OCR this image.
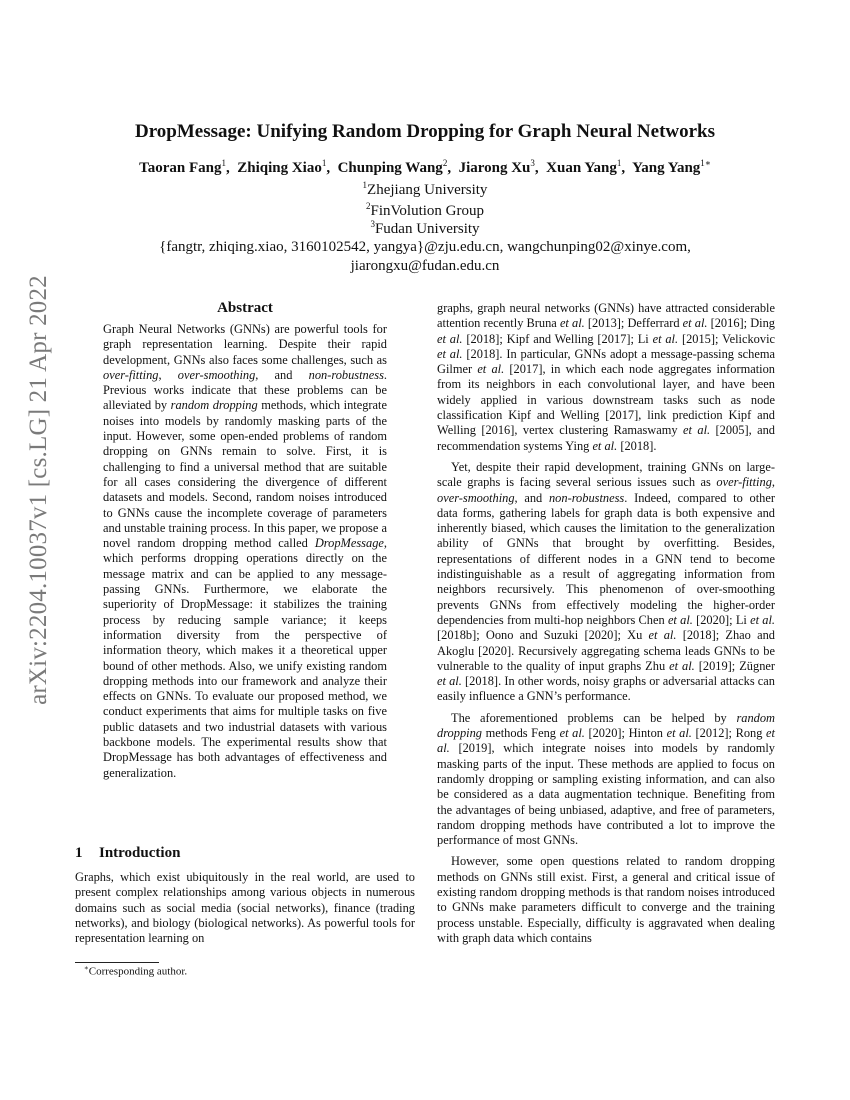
arXiv:2204.10037v1 [cs.LG] 21 Apr 2022
DropMessage: Unifying Random Dropping for Graph Neural Networks
Taoran Fang$^1$,  Zhiqing Xiao$^1$,  Chunping Wang$^2$,  Jiarong Xu$^3$,  Xuan Yang$^1$,  Yang Yang$^{1∗}$
$^1$Zhejiang University
$^2$FinVolution Group
$^3$Fudan University
{fangtr, zhiqing.xiao, 3160102542, yangya}@zju.edu.cn, wangchunping02@xinye.com,
jiarongxu@fudan.edu.cn
Abstract

Graph Neural Networks (GNNs) are powerful tools for graph representation learning. Despite their rapid development, GNNs also faces some challenges, such as over-fitting, over-smoothing, and non-robustness. Previous works indicate that these problems can be alleviated by random dropping methods, which integrate noises into models by randomly masking parts of the input. However, some open-ended problems of random dropping on GNNs remain to solve. First, it is challenging to find a universal method that are suitable for all cases considering the divergence of different datasets and models. Second, random noises introduced to GNNs cause the incomplete coverage of parameters and unstable training process. In this paper, we propose a novel random dropping method called DropMessage, which performs dropping operations directly on the message matrix and can be applied to any message-passing GNNs. Furthermore, we elaborate the superiority of DropMessage: it stabilizes the training process by reducing sample variance; it keeps information diversity from the perspective of information theory, which makes it a theoretical upper bound of other methods. Also, we unify existing random dropping methods into our framework and analyze their effects on GNNs. To evaluate our proposed method, we conduct experiments that aims for multiple tasks on five public datasets and two industrial datasets with various backbone models. The experimental results show that DropMessage has both advantages of effectiveness and generalization.

1 Introduction

Graphs, which exist ubiquitously in the real world, are used to present complex relationships among various objects in numerous domains such as social media (social networks), finance (trading networks), and biology (biological networks). As powerful tools for representation learning on

graphs, graph neural networks (GNNs) have attracted considerable attention recently Bruna et al. [2013]; Defferrard et al. [2016]; Ding et al. [2018]; Kipf and Welling [2017]; Li et al. [2015]; Velickovic et al. [2018]. In particular, GNNs adopt a message-passing schema Gilmer et al. [2017], in which each node aggregates information from its neighbors in each convolutional layer, and have been widely applied in various downstream tasks such as node classification Kipf and Welling [2017], link prediction Kipf and Welling [2016], vertex clustering Ramaswamy et al. [2005], and recommendation systems Ying et al. [2018].

Yet, despite their rapid development, training GNNs on large-scale graphs is facing several serious issues such as over-fitting, over-smoothing, and non-robustness. Indeed, compared to other data forms, gathering labels for graph data is both expensive and inherently biased, which causes the limitation to the generalization ability of GNNs that brought by overfitting. Besides, representations of different nodes in a GNN tend to become indistinguishable as a result of aggregating information from neighbors recursively. This phenomenon of over-smoothing prevents GNNs from effectively modeling the higher-order dependencies from multi-hop neighbors Chen et al. [2020]; Li et al. [2018b]; Oono and Suzuki [2020]; Xu et al. [2018]; Zhao and Akoglu [2020]. Recursively aggregating schema leads GNNs to be vulnerable to the quality of input graphs Zhu et al. [2019]; Zügner et al. [2018]. In other words, noisy graphs or adversarial attacks can easily influence a GNN’s performance.

The aforementioned problems can be helped by random dropping methods Feng et al. [2020]; Hinton et al. [2012]; Rong et al. [2019], which integrate noises into models by randomly masking parts of the input. These methods are applied to focus on randomly dropping or sampling existing information, and can also be considered as a data augmentation technique. Benefiting from the advantages of being unbiased, adaptive, and free of parameters, random dropping methods have contributed a lot to improve the performance of most GNNs.

However, some open questions related to random dropping methods on GNNs still exist. First, a general and critical issue of existing random dropping methods is that random noises introduced to GNNs make parameters difficult to converge and the training process unstable. Especially, difficulty is aggravated when dealing with graph data which contains

∗Corresponding author.
